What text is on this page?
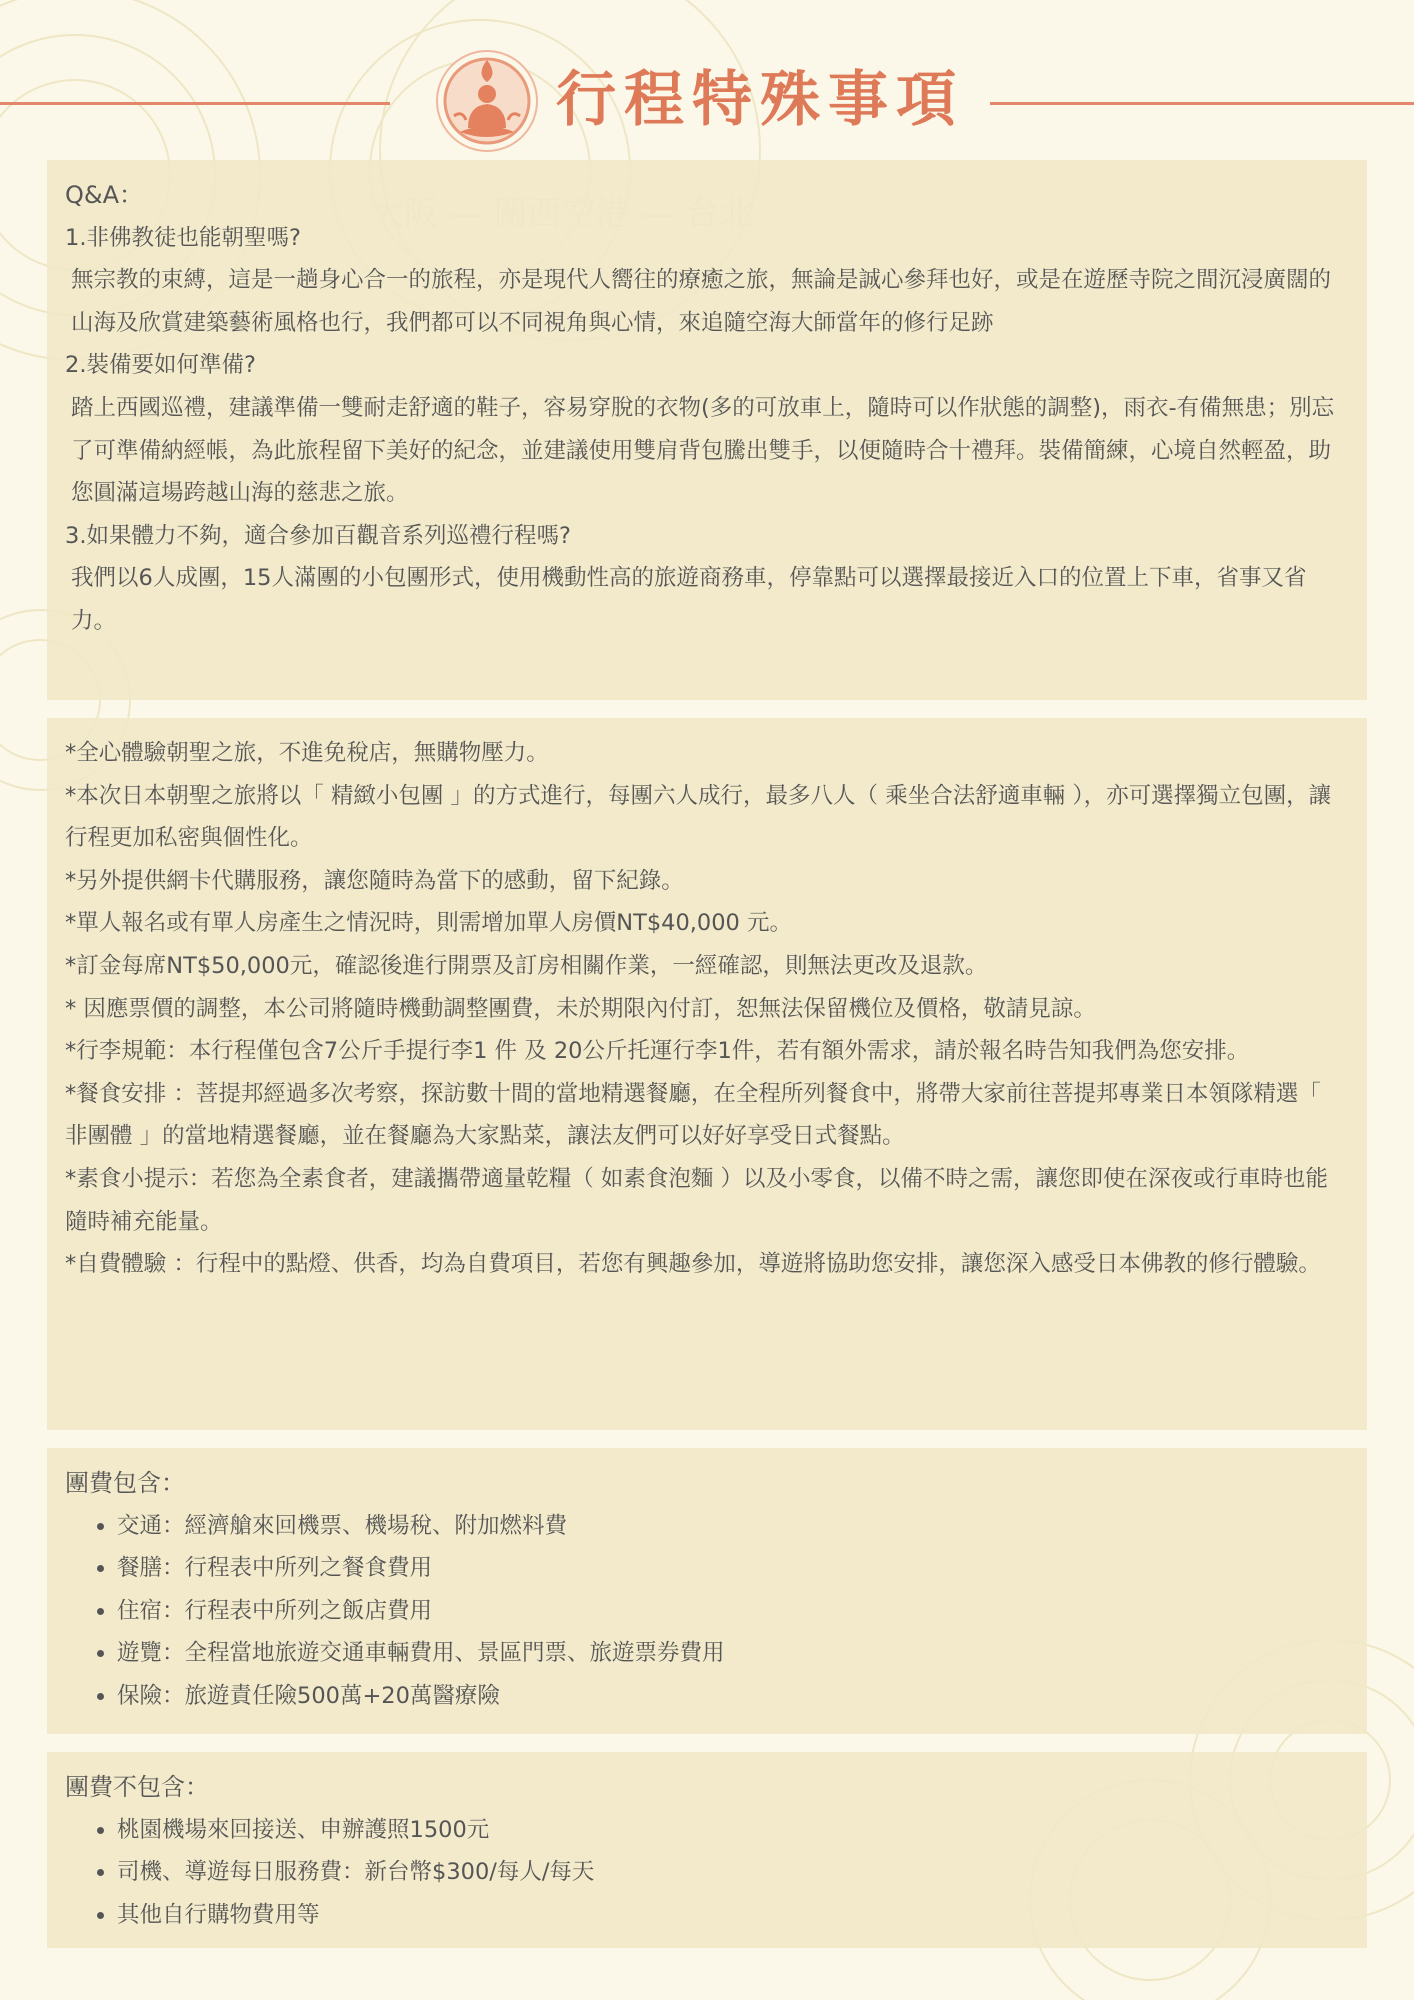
行程特殊事項

Q&A：

1.非佛教徒也能朝聖嗎?

無宗教的束縛，這是一趟身心合一的旅程，亦是現代人嚮往的療癒之旅，無論是誠心參拜也好，或是在遊歷寺院之間沉浸廣闊的山海及欣賞建築藝術風格也行，我們都可以不同視角與心情，來追隨空海大師當年的修行足跡

2.裝備要如何準備?

踏上西國巡禮，建議準備一雙耐走舒適的鞋子，容易穿脫的衣物(多的可放車上，隨時可以作狀態的調整)，雨衣-有備無患；別忘了可準備納經帳，為此旅程留下美好的紀念，並建議使用雙肩背包騰出雙手，以便隨時合十禮拜。裝備簡練，心境自然輕盈，助您圓滿這場跨越山海的慈悲之旅。

3.如果體力不夠，適合參加百觀音系列巡禮行程嗎?

我們以6人成團，15人滿團的小包團形式，使用機動性高的旅遊商務車，停靠點可以選擇最接近入口的位置上下車，省事又省力。

*全心體驗朝聖之旅，不進免稅店，無購物壓力。

*本次日本朝聖之旅將以「 精緻小包團 」的方式進行，每團六人成行，最多八人（ 乘坐合法舒適車輛 ），亦可選擇獨立包團，讓行程更加私密與個性化。

*另外提供網卡代購服務，讓您隨時為當下的感動，留下紀錄。

*單人報名或有單人房產生之情況時，則需增加單人房價NT$40,000 元。

*訂金每席NT$50,000元，確認後進行開票及訂房相關作業，一經確認，則無法更改及退款。

* 因應票價的調整，本公司將隨時機動調整團費，未於期限內付訂，恕無法保留機位及價格，敬請見諒。

*行李規範：本行程僅包含7公斤手提行李1 件 及 20公斤托運行李1件，若有額外需求，請於報名時告知我們為您安排。

*餐食安排 ：菩提邦經過多次考察，探訪數十間的當地精選餐廳，在全程所列餐食中，將帶大家前往菩提邦專業日本領隊精選「 非團體 」的當地精選餐廳，並在餐廳為大家點菜，讓法友們可以好好享受日式餐點。

*素食小提示：若您為全素食者，建議攜帶適量乾糧（ 如素食泡麵 ）以及小零食，以備不時之需，讓您即使在深夜或行車時也能隨時補充能量。

*自費體驗 ：行程中的點燈、供香，均為自費項目，若您有興趣參加，導遊將協助您安排，讓您深入感受日本佛教的修行體驗。

團費包含：

• 交通：經濟艙來回機票、機場稅、附加燃料費
• 餐膳：行程表中所列之餐食費用
• 住宿：行程表中所列之飯店費用
• 遊覽：全程當地旅遊交通車輛費用、景區門票、旅遊票券費用
• 保險：旅遊責任險500萬+20萬醫療險

團費不包含：

• 桃園機場來回接送、申辦護照1500元
• 司機、導遊每日服務費：新台幣$300/每人/每天
• 其他自行購物費用等
